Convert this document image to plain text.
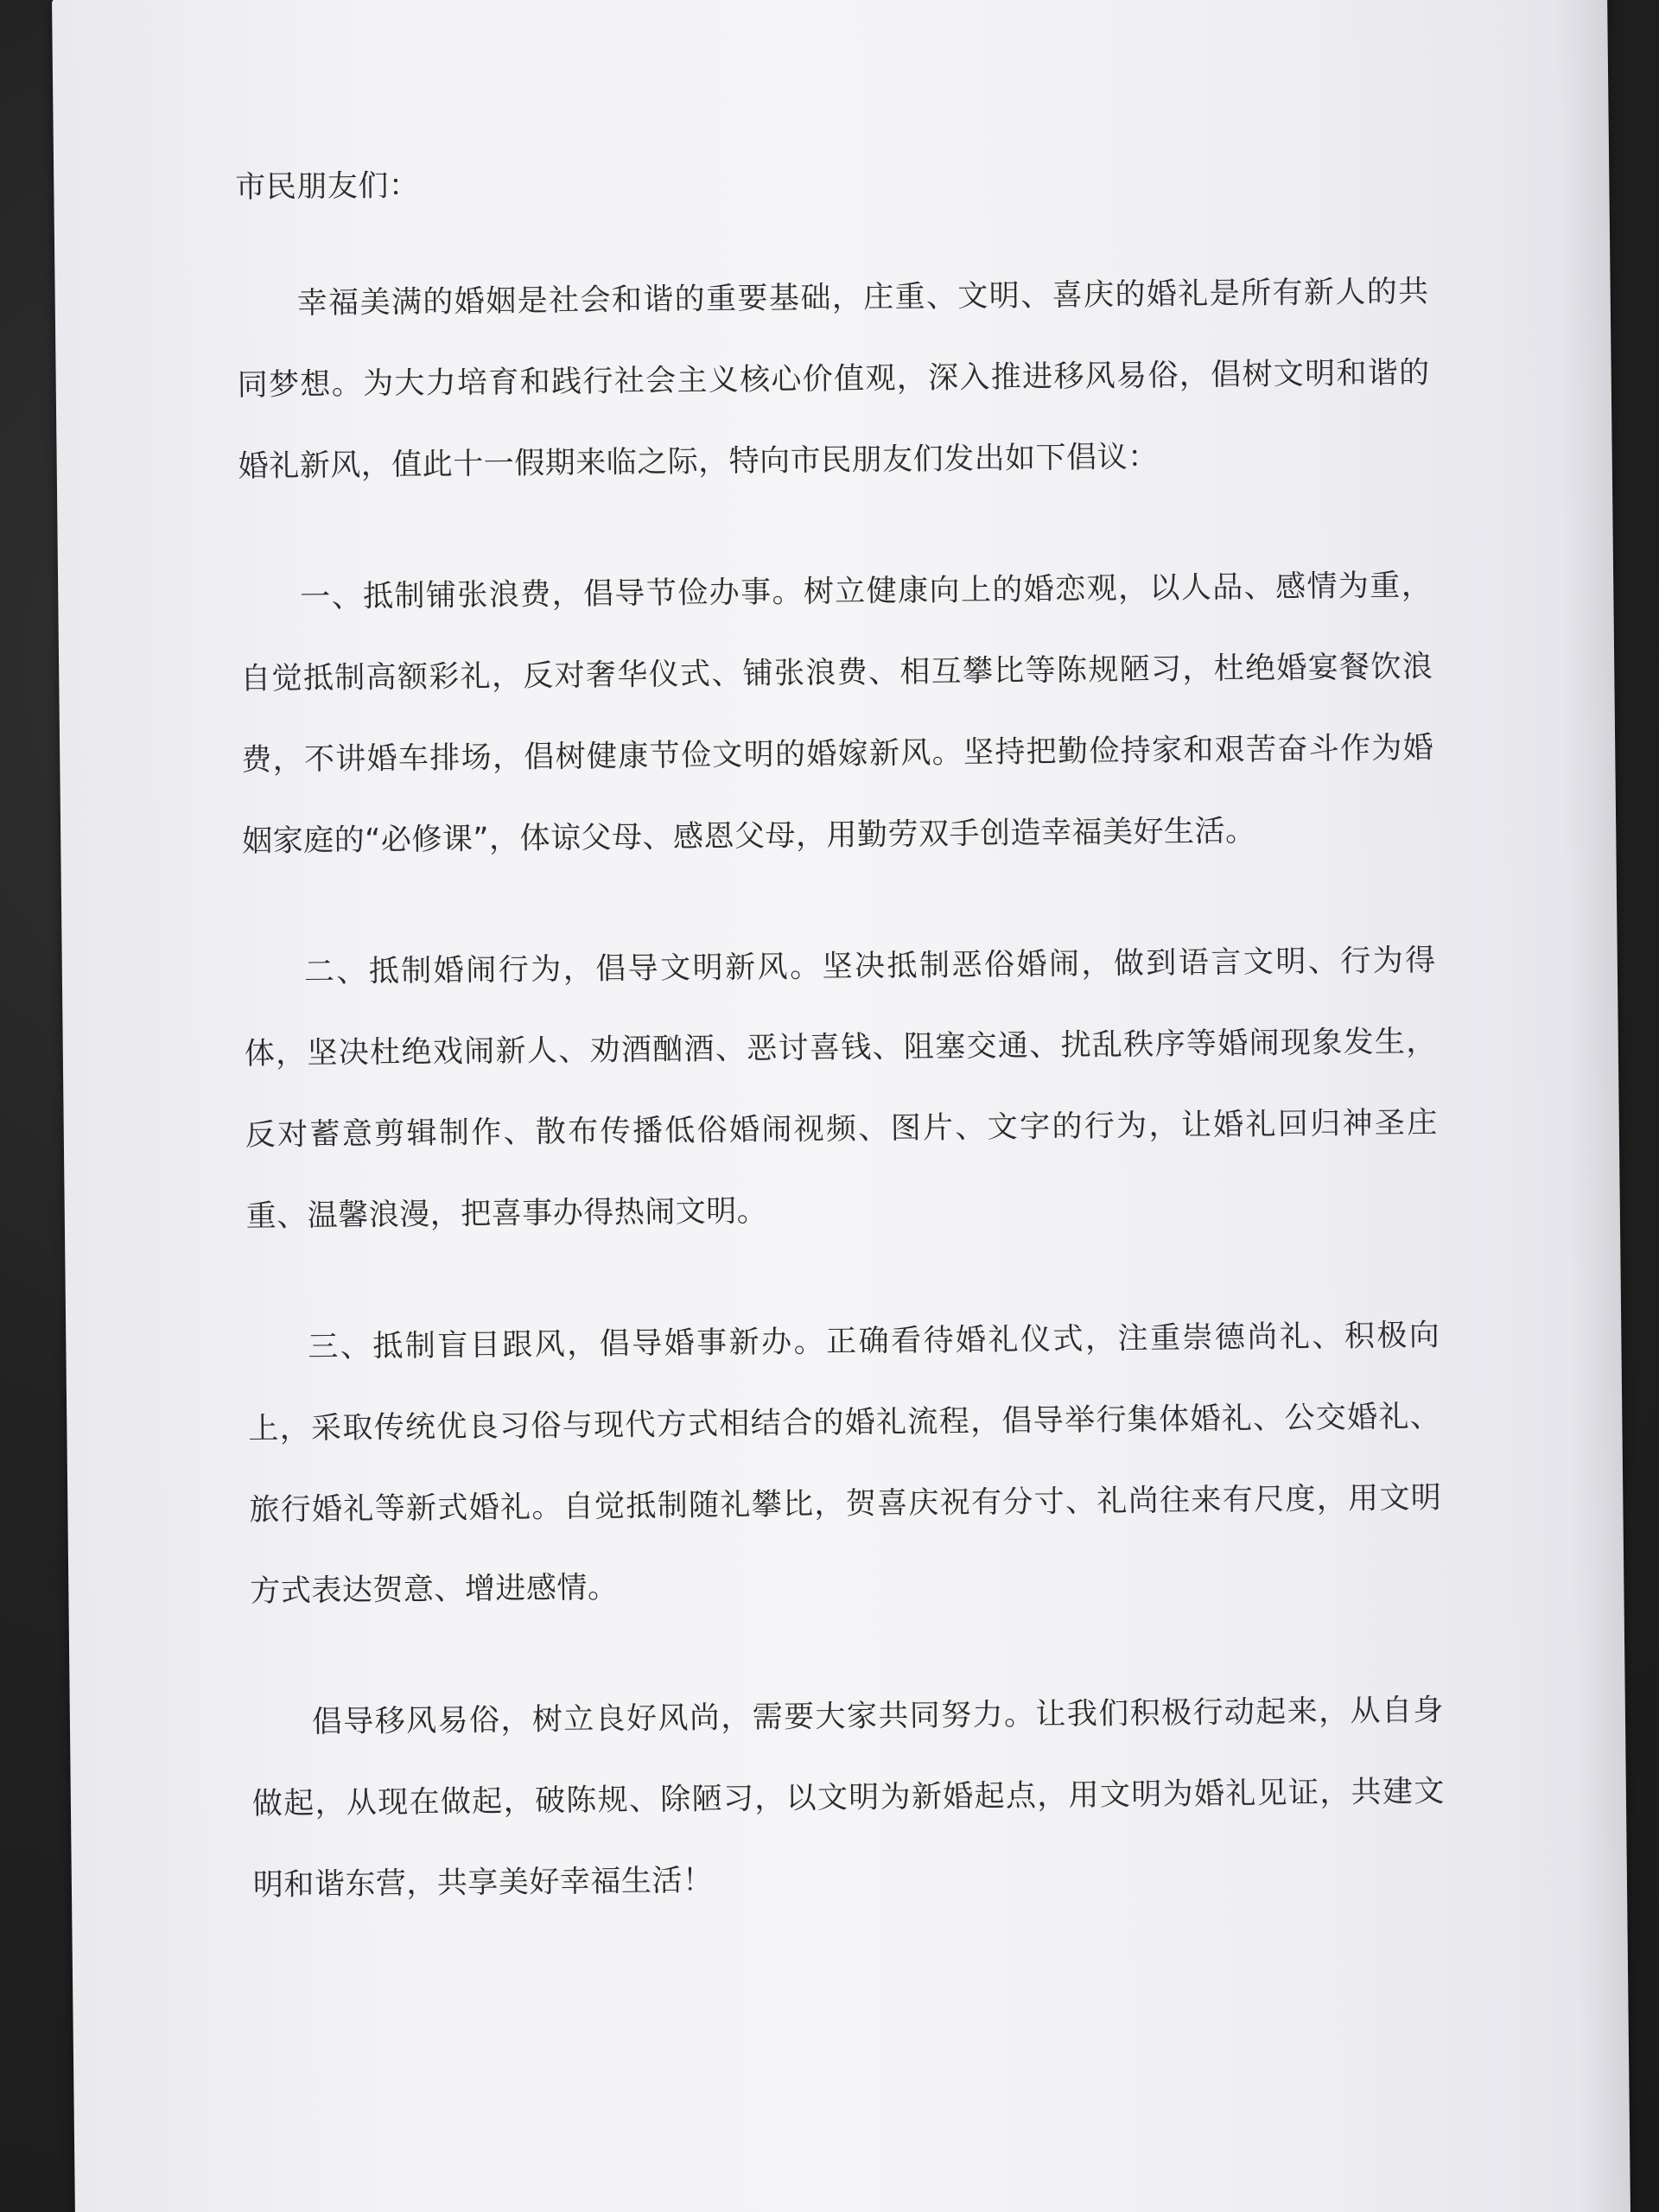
市民朋友们：

幸福美满的婚姻是社会和谐的重要基础，庄重、文明、喜庆的婚礼是所有新人的共同梦想。为大力培育和践行社会主义核心价值观，深入推进移风易俗，倡树文明和谐的婚礼新风，值此十一假期来临之际，特向市民朋友们发出如下倡议：

一、抵制铺张浪费，倡导节俭办事。树立健康向上的婚恋观，以人品、感情为重，自觉抵制高额彩礼，反对奢华仪式、铺张浪费、相互攀比等陈规陋习，杜绝婚宴餐饮浪费，不讲婚车排场，倡树健康节俭文明的婚嫁新风。坚持把勤俭持家和艰苦奋斗作为婚姻家庭的“必修课”，体谅父母、感恩父母，用勤劳双手创造幸福美好生活。

二、抵制婚闹行为，倡导文明新风。坚决抵制恶俗婚闹，做到语言文明、行为得体，坚决杜绝戏闹新人、劝酒酗酒、恶讨喜钱、阻塞交通、扰乱秩序等婚闹现象发生，反对蓄意剪辑制作、散布传播低俗婚闹视频、图片、文字的行为，让婚礼回归神圣庄重、温馨浪漫，把喜事办得热闹文明。

三、抵制盲目跟风，倡导婚事新办。正确看待婚礼仪式，注重崇德尚礼、积极向上，采取传统优良习俗与现代方式相结合的婚礼流程，倡导举行集体婚礼、公交婚礼、旅行婚礼等新式婚礼。自觉抵制随礼攀比，贺喜庆祝有分寸、礼尚往来有尺度，用文明方式表达贺意、增进感情。

倡导移风易俗，树立良好风尚，需要大家共同努力。让我们积极行动起来，从自身做起，从现在做起，破陈规、除陋习，以文明为新婚起点，用文明为婚礼见证，共建文明和谐东营，共享美好幸福生活！
